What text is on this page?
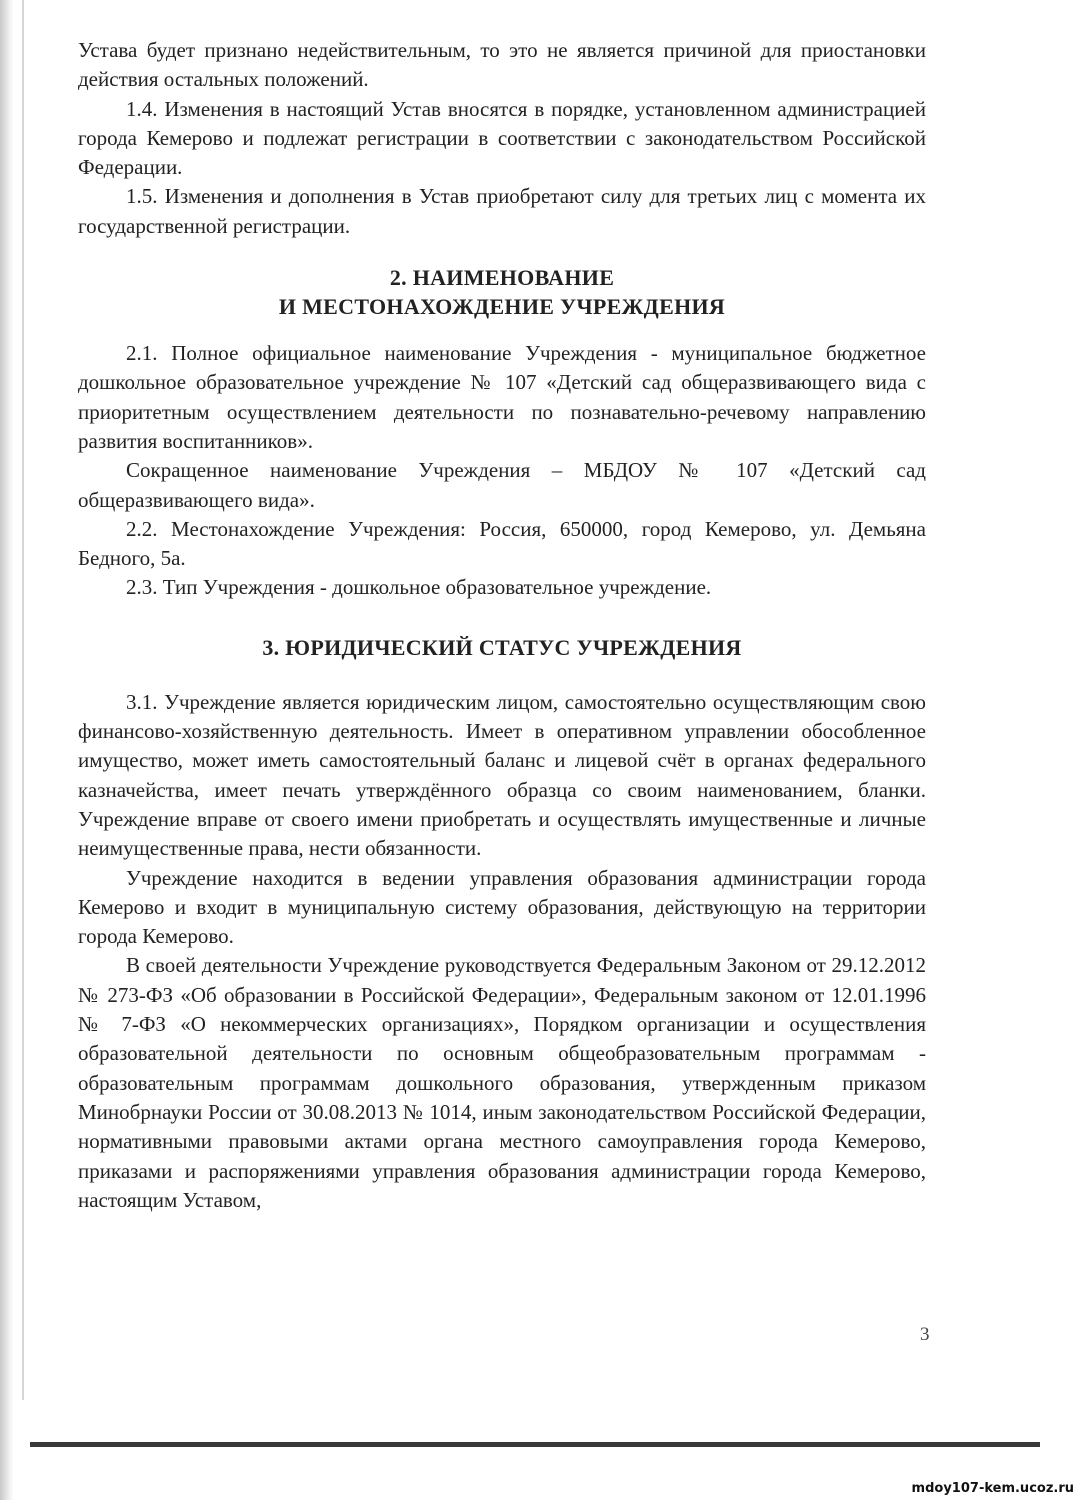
Устава будет признано недействительным, то это не является причиной для приостановки действия остальных положений.

1.4. Изменения в настоящий Устав вносятся в порядке, установленном администрацией города Кемерово и подлежат регистрации в соответствии с законодательством Российской Федерации.

1.5. Изменения и дополнения в Устав приобретают силу для третьих лиц с момента их государственной регистрации.

2. НАИМЕНОВАНИЕ
И МЕСТОНАХОЖДЕНИЕ УЧРЕЖДЕНИЯ

2.1. Полное официальное наименование Учреждения - муниципальное бюджетное дошкольное образовательное учреждение № 107 «Детский сад общеразвивающего вида с приоритетным осуществлением деятельности по познавательно-речевому направлению развития воспитанников».

Сокращенное наименование Учреждения – МБДОУ № 107 «Детский сад общеразвивающего вида».

2.2. Местонахождение Учреждения: Россия, 650000, город Кемерово, ул. Демьяна Бедного, 5а.

2.3. Тип Учреждения - дошкольное образовательное учреждение.

3. ЮРИДИЧЕСКИЙ СТАТУС УЧРЕЖДЕНИЯ

3.1. Учреждение является юридическим лицом, самостоятельно осуществляющим свою финансово-хозяйственную деятельность. Имеет в оперативном управлении обособленное имущество, может иметь самостоятельный баланс и лицевой счёт в органах федерального казначейства, имеет печать утверждённого образца со своим наименованием, бланки. Учреждение вправе от своего имени приобретать и осуществлять имущественные и личные неимущественные права, нести обязанности.

Учреждение находится в ведении управления образования администрации города Кемерово и входит в муниципальную систему образования, действующую на территории города Кемерово.

В своей деятельности Учреждение руководствуется Федеральным Законом от 29.12.2012 № 273-ФЗ «Об образовании в Российской Федерации», Федеральным законом от 12.01.1996 № 7-ФЗ «О некоммерческих организациях», Порядком организации и осуществления образовательной деятельности по основным общеобразовательным программам - образовательным программам дошкольного образования, утвержденным приказом Минобрнауки России от 30.08.2013 № 1014, иным законодательством Российской Федерации, нормативными правовыми актами органа местного самоуправления города Кемерово, приказами и распоряжениями управления образования администрации города Кемерово, настоящим Уставом,

3
mdoy107-kem.ucoz.ru
